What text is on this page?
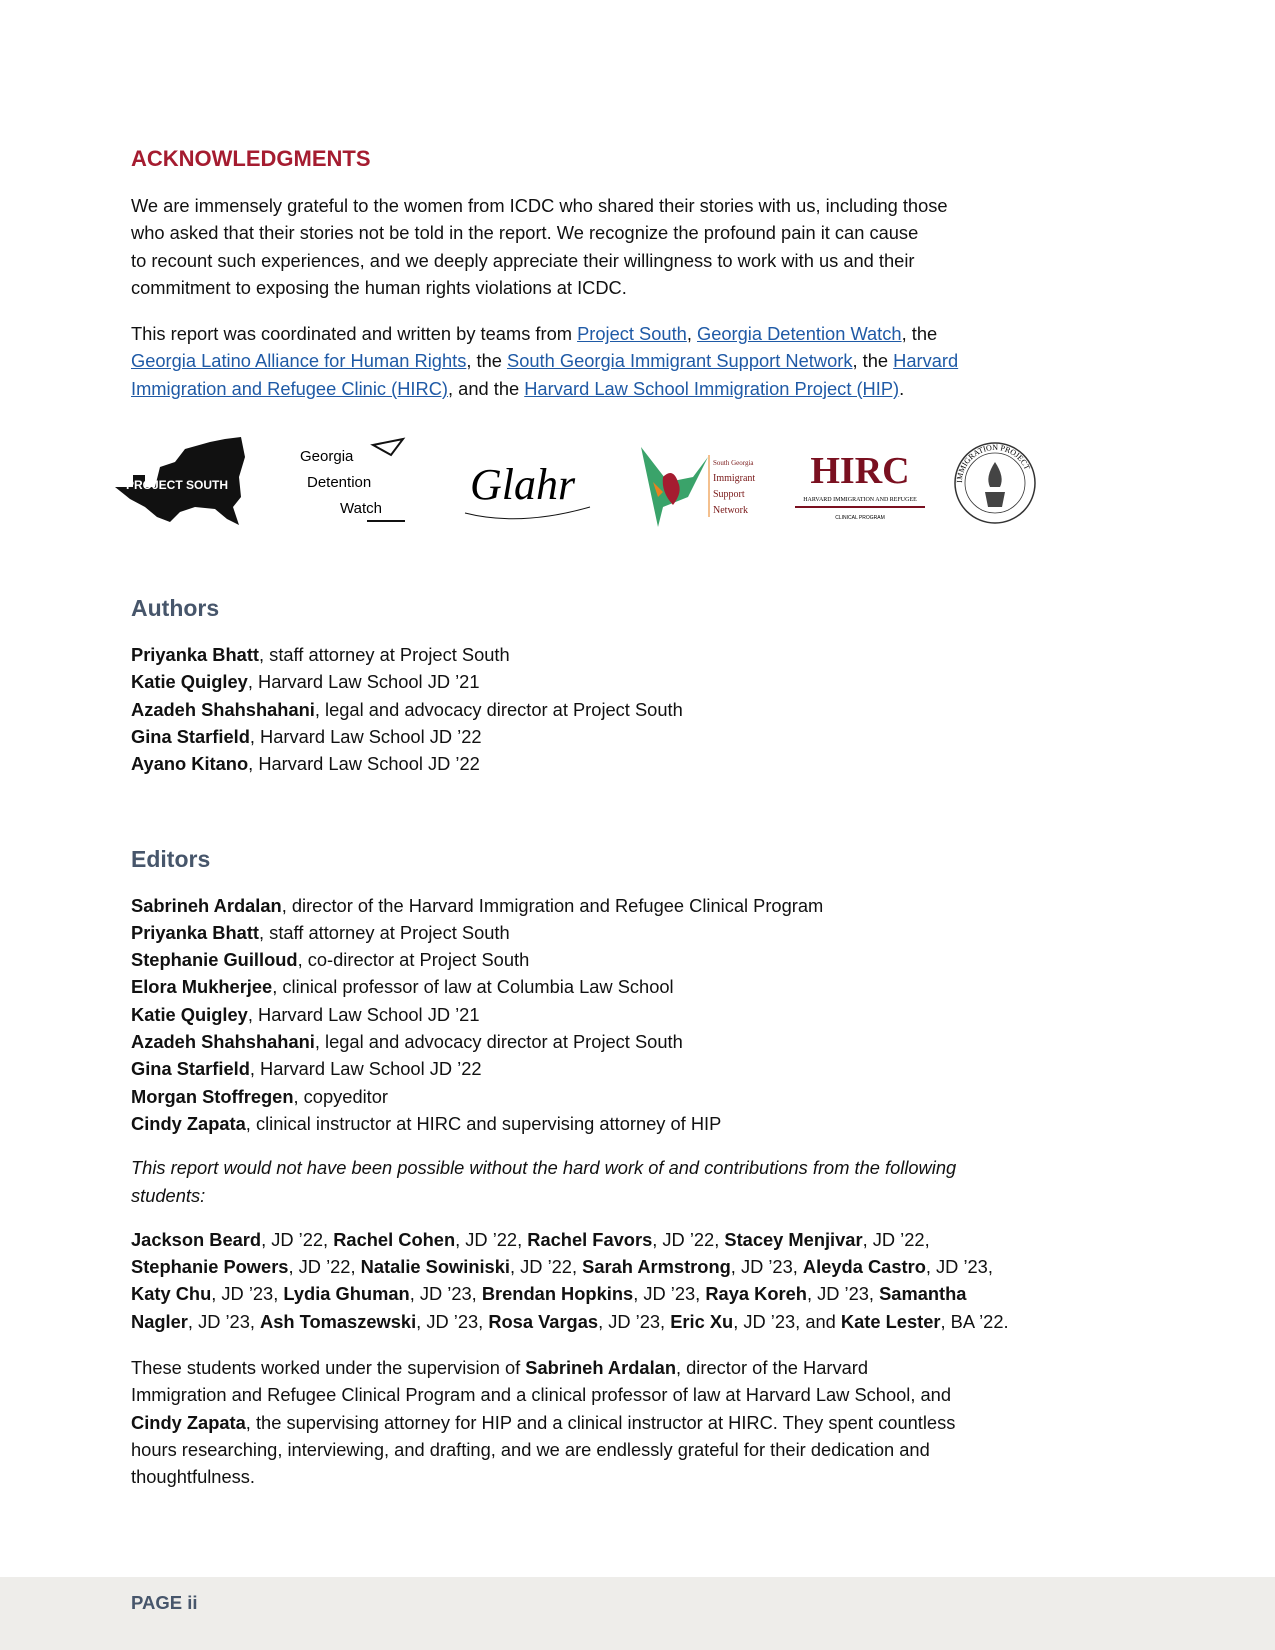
ACKNOWLEDGMENTS
We are immensely grateful to the women from ICDC who shared their stories with us, including those
who asked that their stories not be told in the report. We recognize the profound pain it can cause
to recount such experiences, and we deeply appreciate their willingness to work with us and their
commitment to exposing the human rights violations at ICDC.
This report was coordinated and written by teams from Project South, Georgia Detention Watch, the
Georgia Latino Alliance for Human Rights, the South Georgia Immigrant Support Network, the Harvard
Immigration and Refugee Clinic (HIRC), and the Harvard Law School Immigration Project (HIP).
PROJECT SOUTH
Georgia
Detention
Watch Glahr	South Georgia
Immigrant
Support
Network
HIRC
HARVARD IMMIGRATION AND REFUGEE
CLINICAL PROGRAM
IMMIGRATION PROJECT
Authors
Priyanka Bhatt, staff attorney at Project South
Katie Quigley, Harvard Law School JD ’21
Azadeh Shahshahani, legal and advocacy director at Project South
Gina Starfield, Harvard Law School JD ’22
Ayano Kitano, Harvard Law School JD ’22
Editors
Sabrineh Ardalan, director of the Harvard Immigration and Refugee Clinical Program
Priyanka Bhatt, staff attorney at Project South
Stephanie Guilloud, co-director at Project South
Elora Mukherjee, clinical professor of law at Columbia Law School
Katie Quigley, Harvard Law School JD ’21
Azadeh Shahshahani, legal and advocacy director at Project South
Gina Starfield, Harvard Law School JD ’22
Morgan Stoffregen, copyeditor
Cindy Zapata, clinical instructor at HIRC and supervising attorney of HIP
This report would not have been possible without the hard work of and contributions from the following
students:
Jackson Beard, JD ’22, Rachel Cohen, JD ’22, Rachel Favors, JD ’22, Stacey Menjivar, JD ’22,
Stephanie Powers, JD ’22, Natalie Sowiniski, JD ’22, Sarah Armstrong, JD ’23, Aleyda Castro, JD ’23,
Katy Chu, JD ’23, Lydia Ghuman, JD ’23, Brendan Hopkins, JD ’23, Raya Koreh, JD ’23, Samantha
Nagler, JD ’23, Ash Tomaszewski, JD ’23, Rosa Vargas, JD ’23, Eric Xu, JD ’23, and Kate Lester, BA ’22.
These students worked under the supervision of Sabrineh Ardalan, director of the Harvard
Immigration and Refugee Clinical Program and a clinical professor of law at Harvard Law School, and
Cindy Zapata, the supervising attorney for HIP and a clinical instructor at HIRC. They spent countless
hours researching, interviewing, and drafting, and we are endlessly grateful for their dedication and
thoughtfulness.
PAGE ii
